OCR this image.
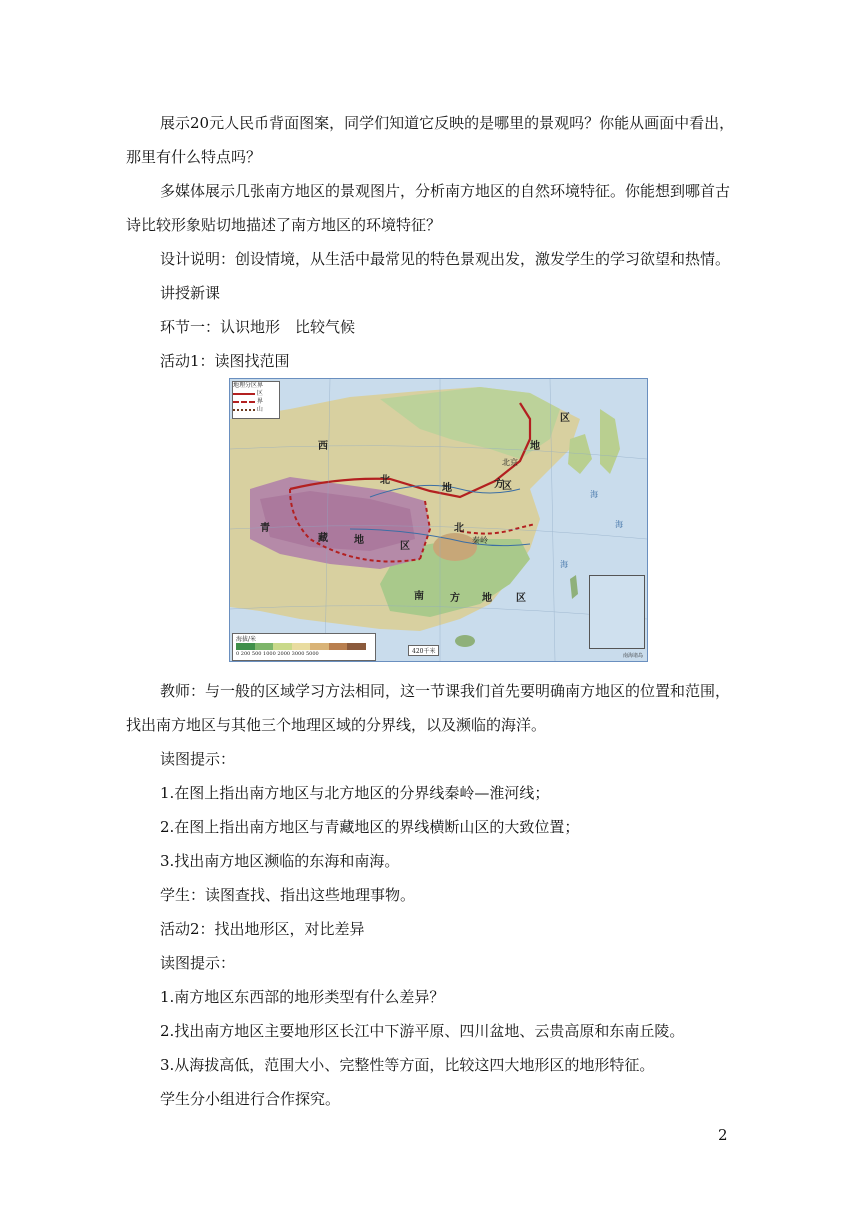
展示20元人民币背面图案，同学们知道它反映的是哪里的景观吗？你能从画面中看出，
那里有什么特点吗？
多媒体展示几张南方地区的景观图片，分析南方地区的自然环境特征。你能想到哪首古
诗比较形象贴切地描述了南方地区的环境特征？
设计说明：创设情境，从生活中最常见的特色景观出发，激发学生的学习欲望和热情。
讲授新课
环节一：认识地形　比较气候
活动1：读图找范围
地理分区界
区
界
山
西
北
地	区
青
藏	地
区
北
方
地
区
北京
南	方 地 区
秦岭
海
海
海
海拔/米
0 200 500 1000 2000 3000 5000	420千米
南海诸岛
教师：与一般的区域学习方法相同，这一节课我们首先要明确南方地区的位置和范围，
找出南方地区与其他三个地理区域的分界线，以及濒临的海洋。
读图提示：
1.在图上指出南方地区与北方地区的分界线秦岭—淮河线；
2.在图上指出南方地区与青藏地区的界线横断山区的大致位置；
3.找出南方地区濒临的东海和南海。
学生：读图查找、指出这些地理事物。
活动2：找出地形区，对比差异
读图提示：
1.南方地区东西部的地形类型有什么差异？
2.找出南方地区主要地形区长江中下游平原、四川盆地、云贵高原和东南丘陵。
3.从海拔高低，范围大小、完整性等方面，比较这四大地形区的地形特征。
学生分小组进行合作探究。
2
